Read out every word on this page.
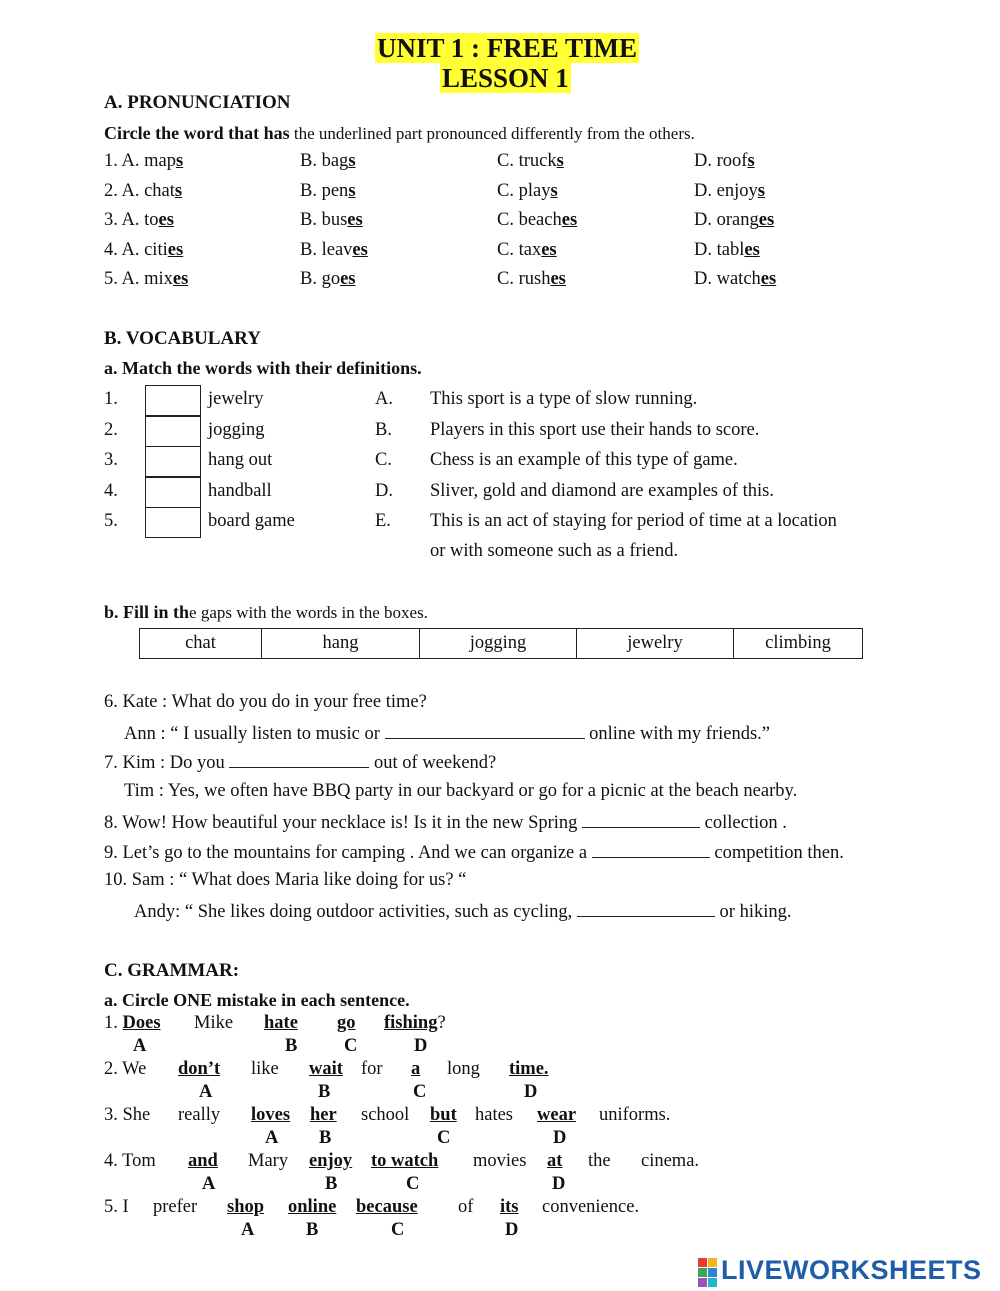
UNIT 1 : FREE TIME
LESSON 1
A. PRONUNCIATION
Circle the word that has the underlined part pronounced differently from the others.
1. A. maps	B. bags	C. trucks	D. roofs
2. A. chats	B. pens	C. plays	D. enjoys
3. A. toes	B. buses	C. beaches	D. oranges
4. A. cities	B. leaves	C. taxes	D. tables
5. A. mixes	B. goes	C. rushes	D. watches
B. VOCABULARY
a. Match the words with their definitions.
1.	jewelry	A. This sport is a type of slow running.
2.	jogging	B. Players in this sport use their hands to score.
3.	hang out	C. Chess is an example of this type of game.
4.	handball	D. Sliver, gold and diamond are examples of this.
5.	board game	E. This is an act of staying for period of time at a location
or with someone such as a friend.
b. Fill in the gaps with the words in the boxes.
chat	hang	jogging	jewelry	climbing
6. Kate : What do you do in your free time?
Ann : “ I usually listen to music or	online with my friends.”
7. Kim : Do you	out of weekend?
Tim : Yes, we often have BBQ party in our backyard or go for a picnic at the beach nearby.
8. Wow! How beautiful your necklace is! Is it in the new Spring	collection .
9. Let’s go to the mountains for camping . And we can organize a	competition then.
10. Sam : “ What does Maria like doing for us? “
Andy: “ She likes doing outdoor activities, such as cycling,	or hiking.
C. GRAMMAR:
a. Circle ONE mistake in each sentence.
1. Does Mike hate go fishing?
A	B	C	D
2. We don’t like wait for a long time.
A	B	C	D
3. She really loves her school but hates wear uniforms.
A B	C	D
4. Tom and Mary enjoy to watch movies at the cinema.
A	B	C	D
5. I prefer shop online because of its convenience.
A	B	C	D
LIVEWORKSHEETS
